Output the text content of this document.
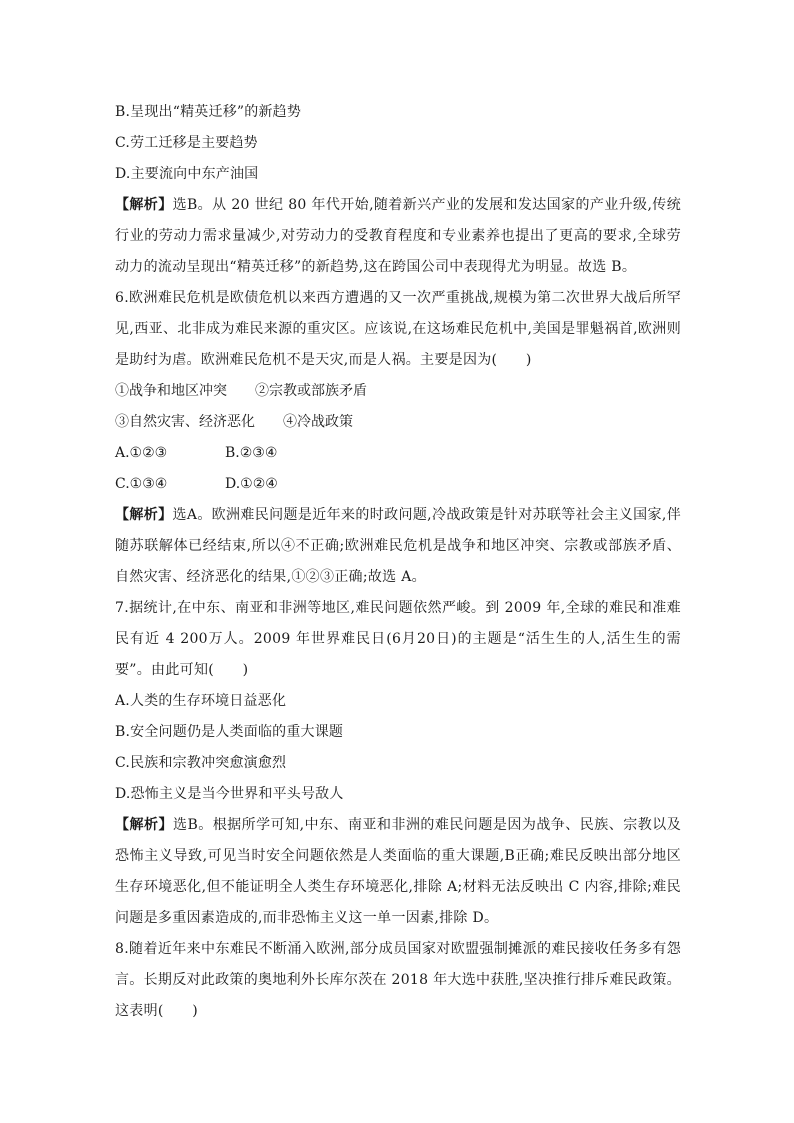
B.呈现出“精英迁移”的新趋势
C.劳工迁移是主要趋势
D.主要流向中东产油国
【解析】选B。从 20 世纪 80 年代开始,随着新兴产业的发展和发达国家的产业升级,传统行业的劳动力需求量减少,对劳动力的受教育程度和专业素养也提出了更高的要求,全球劳动力的流动呈现出“精英迁移”的新趋势,这在跨国公司中表现得尤为明显。故选 B。
6.欧洲难民危机是欧债危机以来西方遭遇的又一次严重挑战,规模为第二次世界大战后所罕见,西亚、北非成为难民来源的重灾区。应该说,在这场难民危机中,美国是罪魁祸首,欧洲则是助纣为虐。欧洲难民危机不是天灾,而是人祸。主要是因为(　　)
①战争和地区冲突 ②宗教或部族矛盾
③自然灾害、经济恶化 ④冷战政策
A.①②③	B.②③④
C.①③④	D.①②④
【解析】选A。欧洲难民问题是近年来的时政问题,冷战政策是针对苏联等社会主义国家,伴随苏联解体已经结束,所以④不正确;欧洲难民危机是战争和地区冲突、宗教或部族矛盾、自然灾害、经济恶化的结果,①②③正确;故选 A。
7.据统计,在中东、南亚和非洲等地区,难民问题依然严峻。到 2009 年,全球的难民和准难民有近 4 200万人。2009 年世界难民日(6月20日)的主题是“活生生的人,活生生的需要”。由此可知(　　)
A.人类的生存环境日益恶化
B.安全问题仍是人类面临的重大课题
C.民族和宗教冲突愈演愈烈
D.恐怖主义是当今世界和平头号敌人
【解析】选B。根据所学可知,中东、南亚和非洲的难民问题是因为战争、民族、宗教以及恐怖主义导致,可见当时安全问题依然是人类面临的重大课题,B正确;难民反映出部分地区生存环境恶化,但不能证明全人类生存环境恶化,排除 A;材料无法反映出 C 内容,排除;难民问题是多重因素造成的,而非恐怖主义这一单一因素,排除 D。
8.随着近年来中东难民不断涌入欧洲,部分成员国家对欧盟强制摊派的难民接收任务多有怨言。长期反对此政策的奥地利外长库尔茨在 2018 年大选中获胜,坚决推行排斥难民政策。这表明(　　)
